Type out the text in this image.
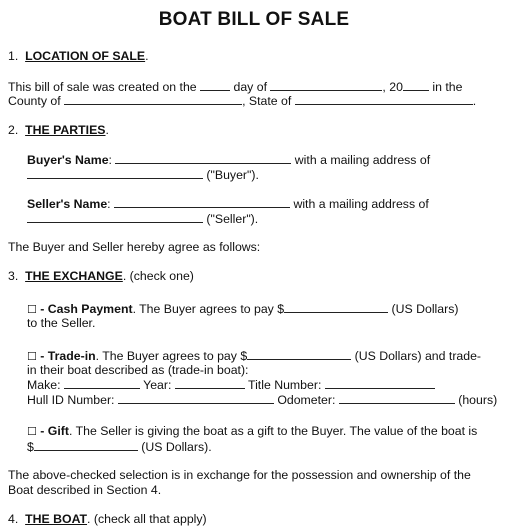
BOAT BILL OF SALE
1. LOCATION OF SALE.
This bill of sale was created on the	day of	, 20 in the
County of	, State of	.
2. THE PARTIES.
Buyer's Name:	with a mailing address of
("Buyer").
Seller's Name:	with a mailing address of
("Seller").
The Buyer and Seller hereby agree as follows:
3. THE EXCHANGE. (check one)
☐ - Cash Payment. The Buyer agrees to pay $	(US Dollars)
to the Seller.
☐ - Trade-in. The Buyer agrees to pay $	(US Dollars) and trade-
in their boat described as (trade-in boat):
Make:	Year:	Title Number:
Hull ID Number:	Odometer:	(hours)
☐ - Gift. The Seller is giving the boat as a gift to the Buyer. The value of the boat is
$	(US Dollars).
The above-checked selection is in exchange for the possession and ownership of the
Boat described in Section 4.
4. THE BOAT. (check all that apply)
